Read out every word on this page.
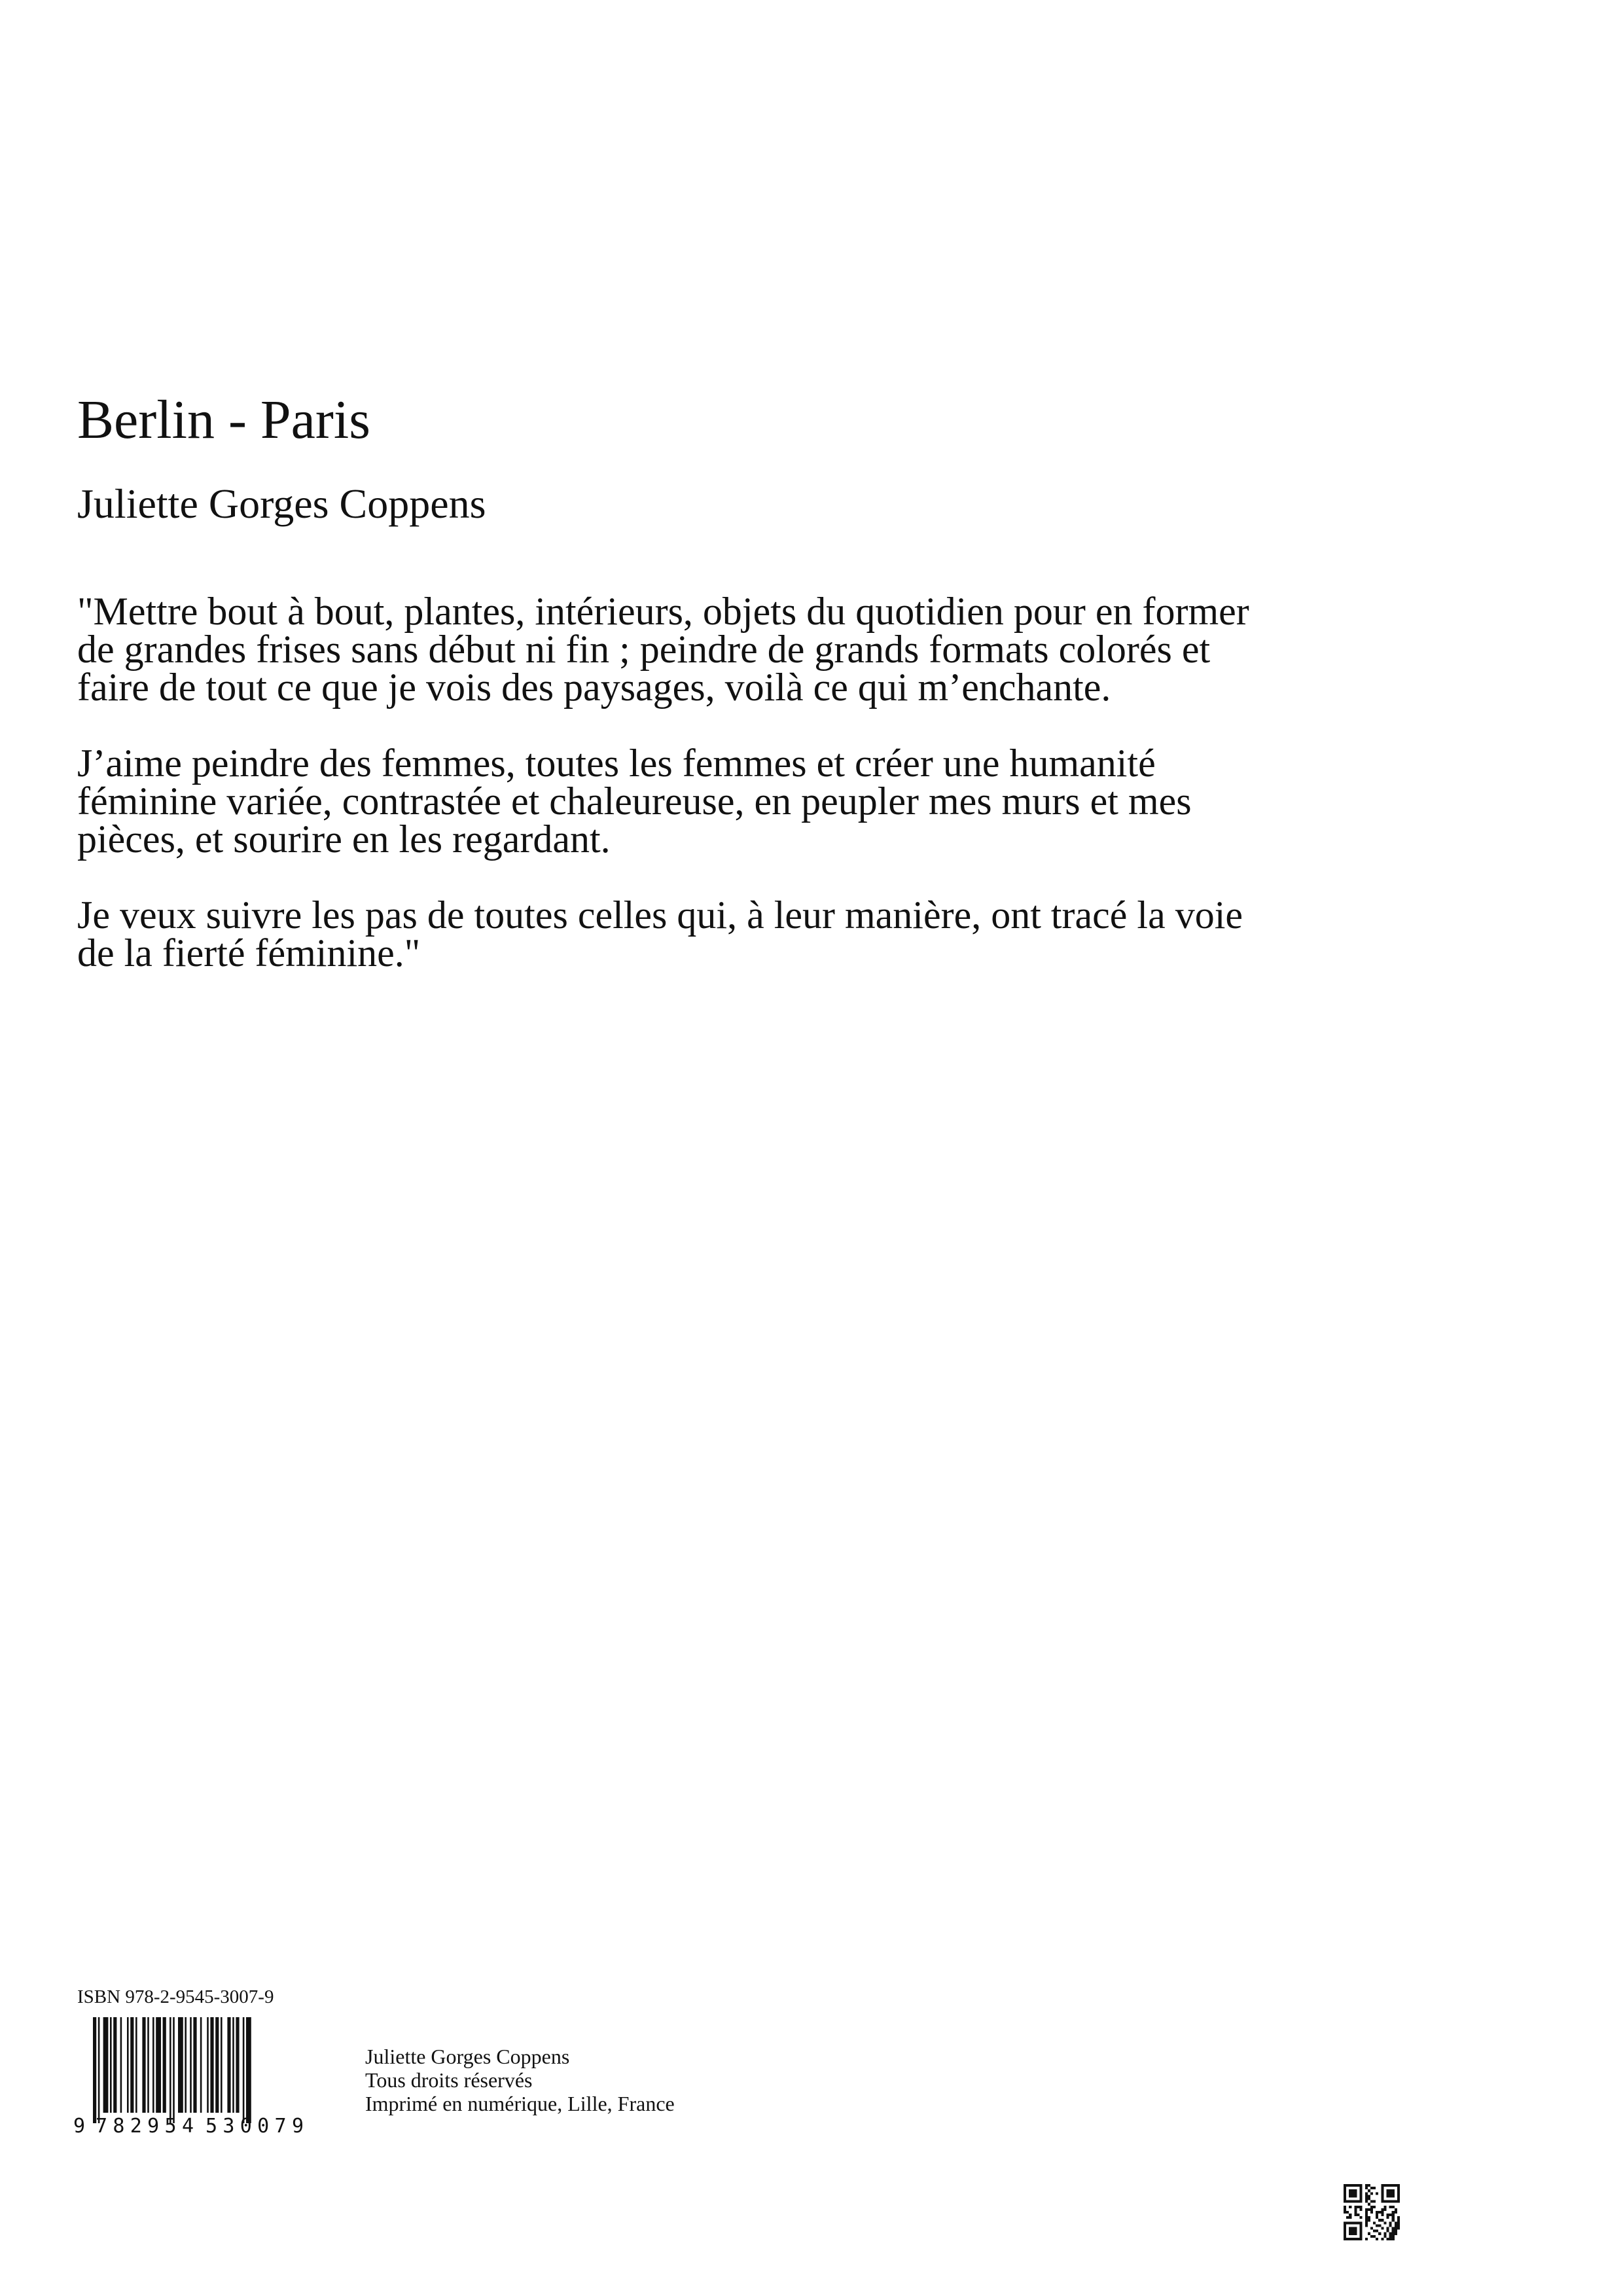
Berlin - Paris
Juliette Gorges Coppens

"Mettre bout à bout, plantes, intérieurs, objets du quotidien pour en former de grandes frises sans début ni fin ; peindre de grands formats colorés et faire de tout ce que je vois des paysages, voilà ce qui m’enchante.

J’aime peindre des femmes, toutes les femmes et créer une humanité féminine variée, contrastée et chaleureuse, en peupler mes murs et mes pièces, et sourire en les regardant.

Je veux suivre les pas de toutes celles qui, à leur manière, ont tracé la voie de la fierté féminine."

ISBN 978-2-9545-3007-9

9 782954 530079
Juliette Gorges Coppens
Tous droits réservés
Imprimé en numérique, Lille, France
